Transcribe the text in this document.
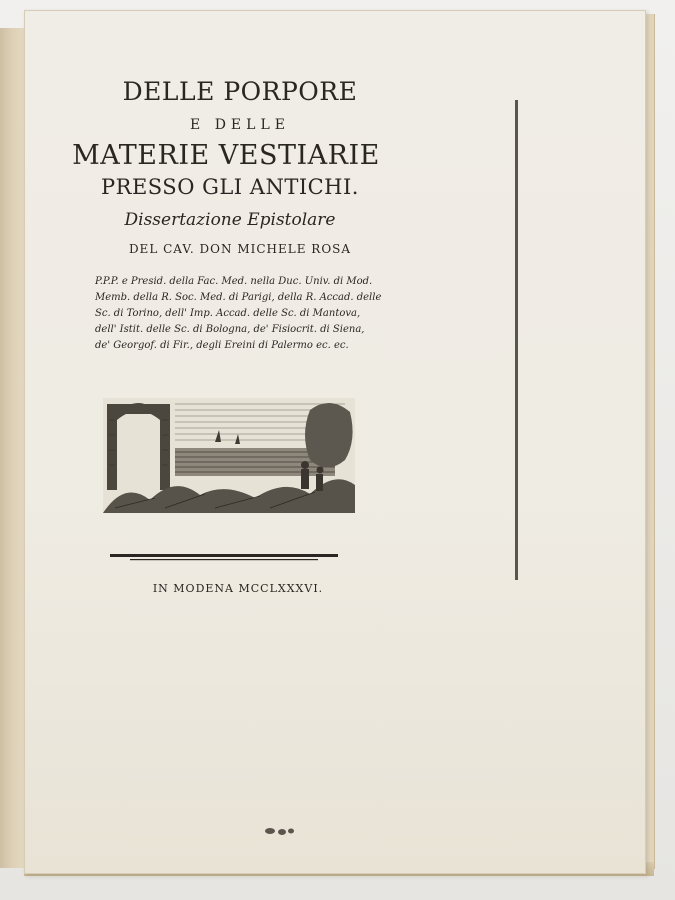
DELLE PORPORE
E DELLE
MATERIE VESTIARIE
PRESSO GLI ANTICHI.
Dissertazione Epistolare
DEL CAV. DON MICHELE ROSA
P.P.P. e Presid. della Fac. Med. nella Duc. Univ. di Mod.
Memb. della R. Soc. Med. di Parigi, della R. Accad. delle
Sc. di Torino, dell' Imp. Accad. delle Sc. di Mantova,
dell' Istit. delle Sc. di Bologna, de' Fisiocrit. di Siena,
de' Georgof. di Fir., degli Ereini di Palermo ec. ec.
IN MODENA MCCLXXXVI.
